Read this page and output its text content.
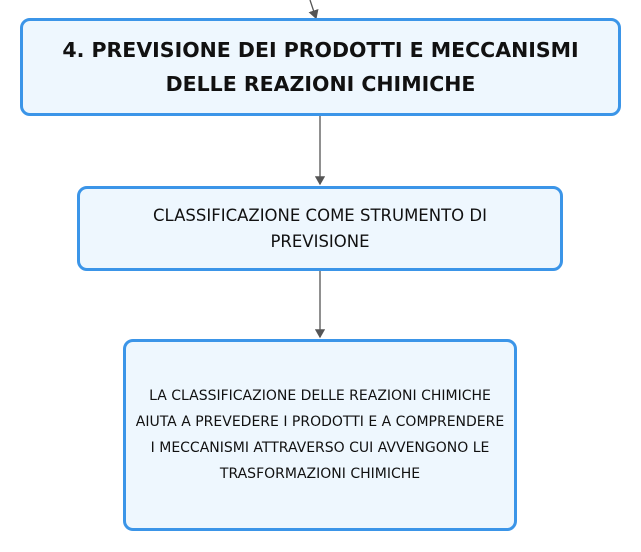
4. PREVISIONE DEI PRODOTTI E MECCANISMI DELLE REAZIONI CHIMICHE
CLASSIFICAZIONE COME STRUMENTO DI PREVISIONE
LA CLASSIFICAZIONE DELLE REAZIONI CHIMICHE AIUTA A PREVEDERE I PRODOTTI E A COMPRENDERE I MECCANISMI ATTRAVERSO CUI AVVENGONO LE TRASFORMAZIONI CHIMICHE
